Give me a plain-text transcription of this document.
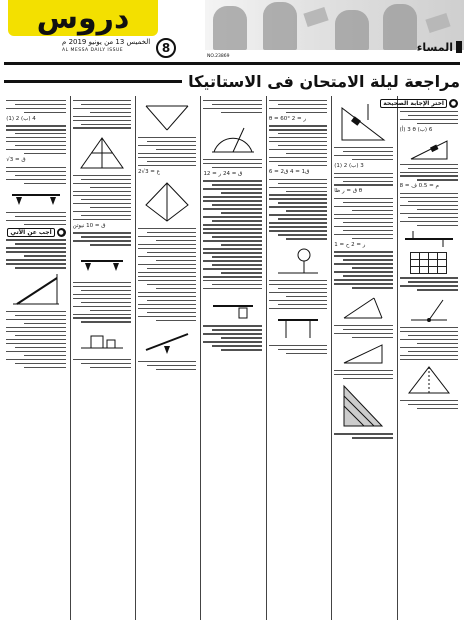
دروس
الخميس 13 من يونيو 2019 م
AL MESSA DAILY ISSUE	8
NO.23869
المساء
مراجعة ليلة الامتحان فى الاستاتيكا
●
اختر الإجابة الصحيحة
(أ) 3 θ (ب) 6
م = 0.5 ف = 8

(1) 2 (ب) 3
ق = ر ظا θ
ر = 2 ح = 1
θ = 60° ر = 2
ق1 = 4 ق2 = 6
ق = 24 ر = 12
ع = 3√2
ق = 10 نيوتن
(1) 2 (ب) 4
√3 = ق
●
أجب عن الآتي
